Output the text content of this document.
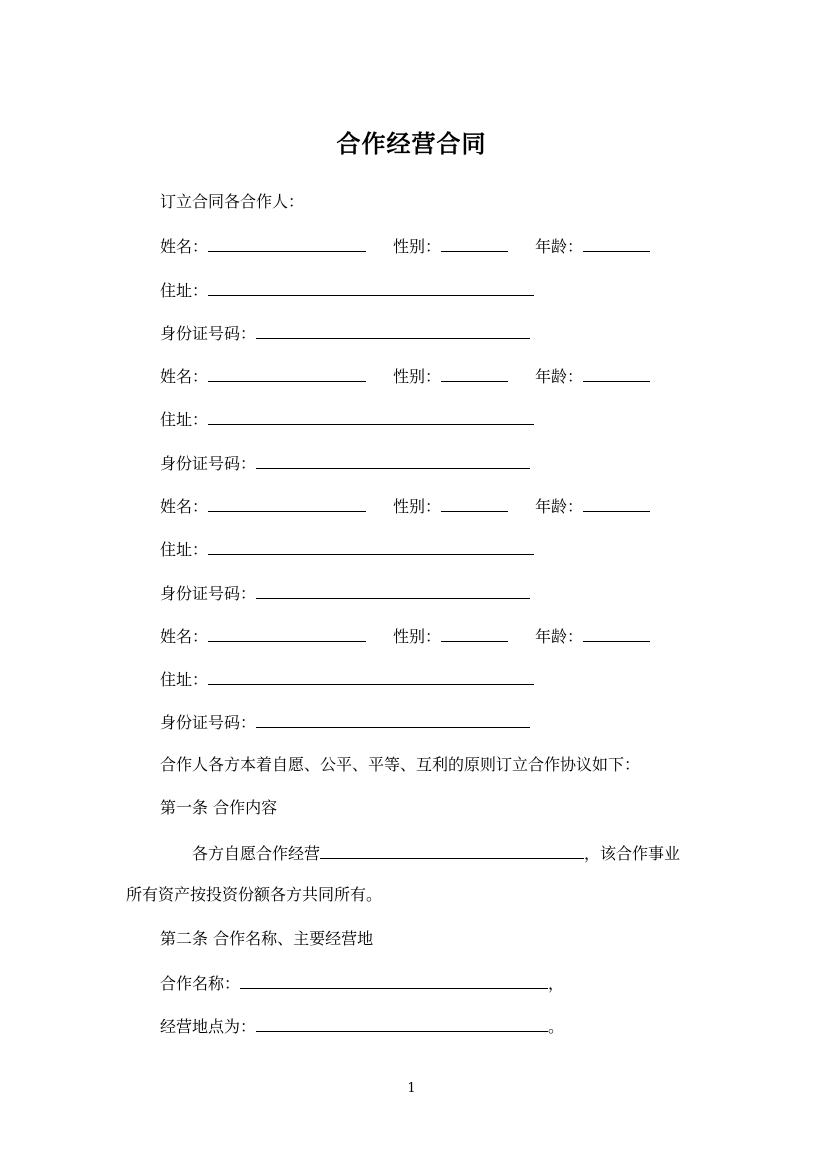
合作经营合同
订立合同各合作人：
姓名：	性别：	年龄：
住址：
身份证号码：
姓名：	性别：	年龄：
住址：
身份证号码：
姓名：	性别：	年龄：
住址：
身份证号码：
姓名：	性别：	年龄：
住址：
身份证号码：
合作人各方本着自愿、公平、平等、互利的原则订立合作协议如下：
第一条 合作内容
各方自愿合作经营	，该合作事业
所有资产按投资份额各方共同所有。
第二条 合作名称、主要经营地
合作名称：	，
经营地点为：	。
1
